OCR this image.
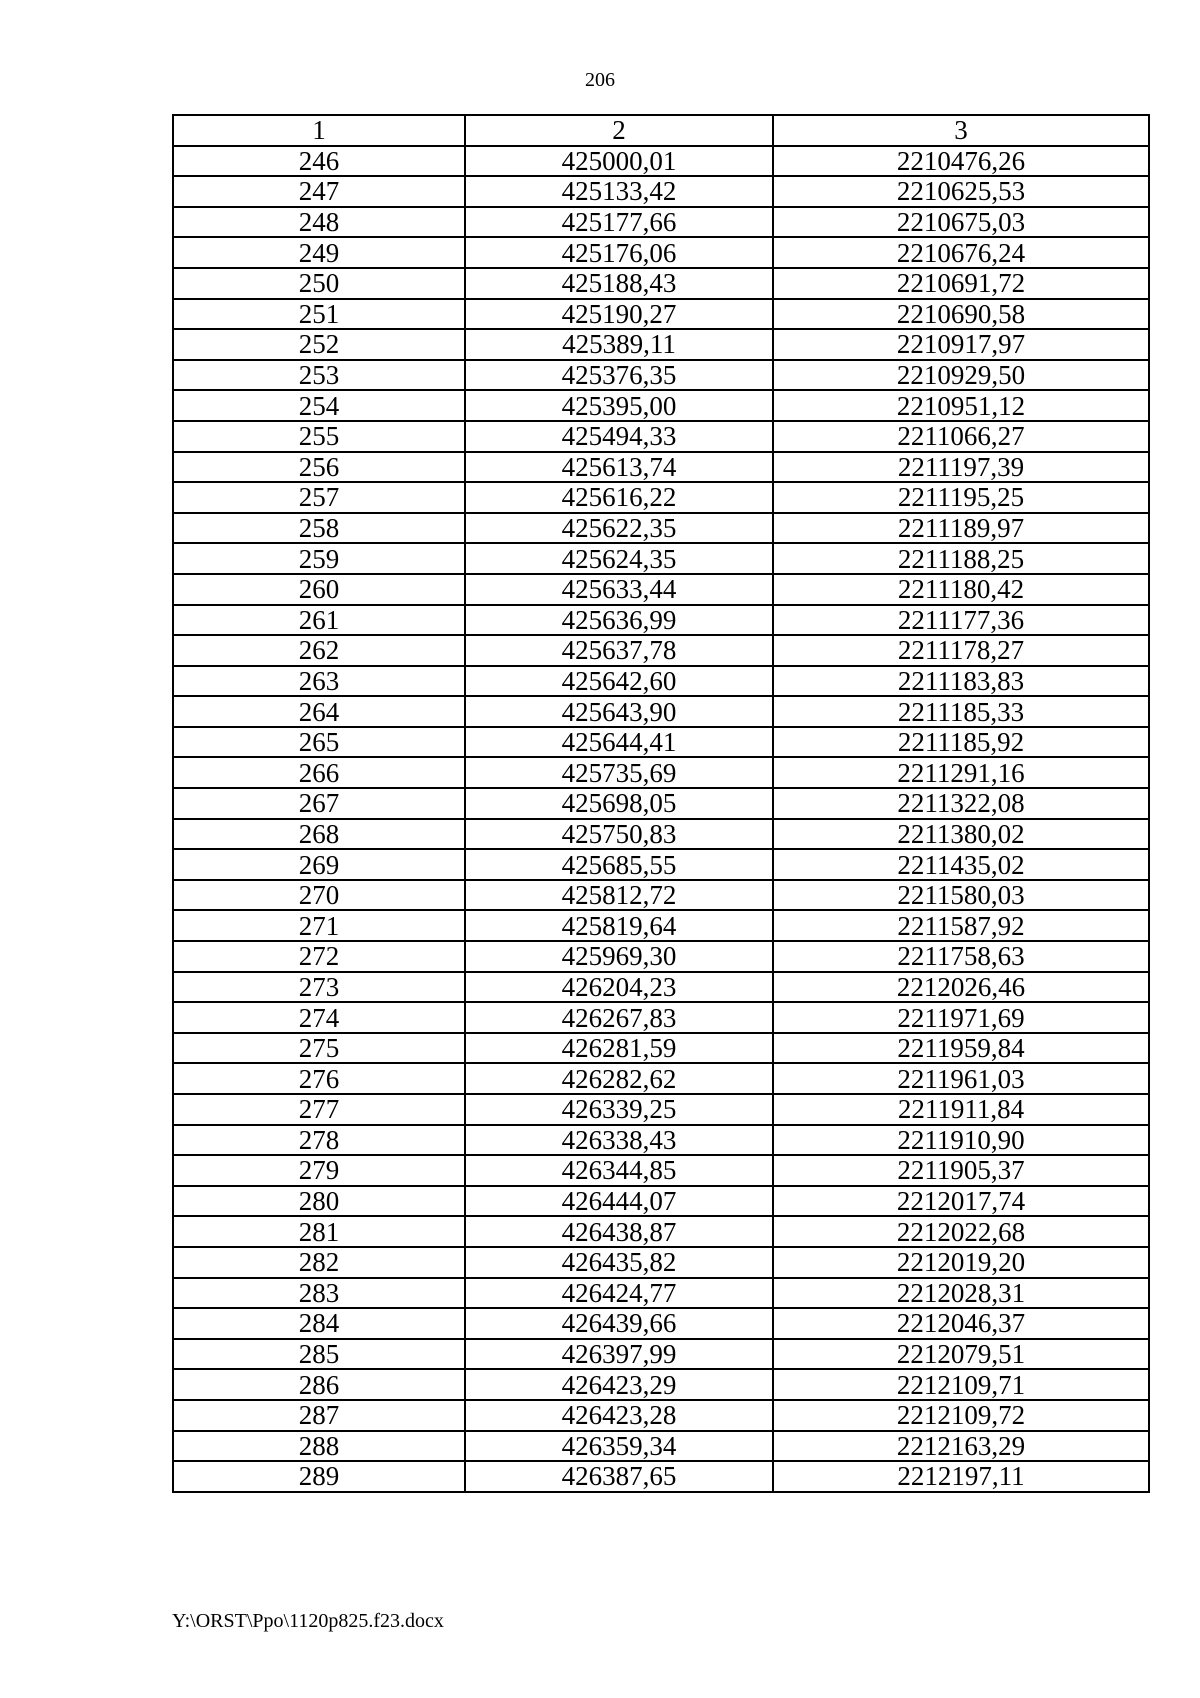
206
1	2	3
246	425000,01	2210476,26
247	425133,42	2210625,53
248	425177,66	2210675,03
249	425176,06	2210676,24
250	425188,43	2210691,72
251	425190,27	2210690,58
252	425389,11	2210917,97
253	425376,35	2210929,50
254	425395,00	2210951,12
255	425494,33	2211066,27
256	425613,74	2211197,39
257	425616,22	2211195,25
258	425622,35	2211189,97
259	425624,35	2211188,25
260	425633,44	2211180,42
261	425636,99	2211177,36
262	425637,78	2211178,27
263	425642,60	2211183,83
264	425643,90	2211185,33
265	425644,41	2211185,92
266	425735,69	2211291,16
267	425698,05	2211322,08
268	425750,83	2211380,02
269	425685,55	2211435,02
270	425812,72	2211580,03
271	425819,64	2211587,92
272	425969,30	2211758,63
273	426204,23	2212026,46
274	426267,83	2211971,69
275	426281,59	2211959,84
276	426282,62	2211961,03
277	426339,25	2211911,84
278	426338,43	2211910,90
279	426344,85	2211905,37
280	426444,07	2212017,74
281	426438,87	2212022,68
282	426435,82	2212019,20
283	426424,77	2212028,31
284	426439,66	2212046,37
285	426397,99	2212079,51
286	426423,29	2212109,71
287	426423,28	2212109,72
288	426359,34	2212163,29
289	426387,65	2212197,11
Y:\ORST\Ppo\1120p825.f23.docx
